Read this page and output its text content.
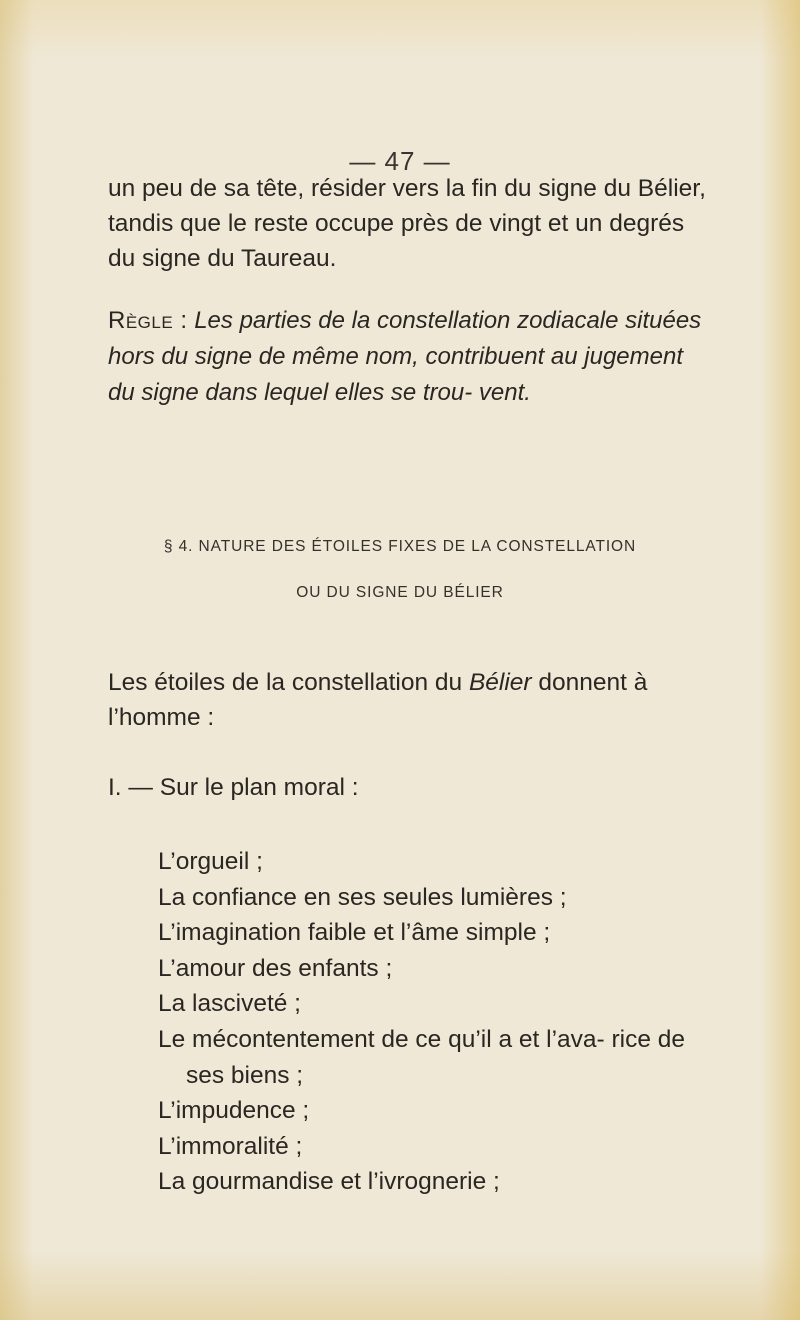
— 47 —
un peu de sa tête, résider vers la fin du signe du Bélier, tandis que le reste occupe près de vingt et un degrés du signe du Taureau.
Règle : Les parties de la constellation zodiacale situées hors du signe de même nom, contribuent au jugement du signe dans lequel elles se trou- vent.
§ 4. NATURE DES ÉTOILES FIXES DE LA CONSTELLATION
OU DU SIGNE DU BÉLIER
Les étoiles de la constellation du Bélier donnent à l’homme :
I. — Sur le plan moral :
L’orgueil ;
La confiance en ses seules lumières ;
L’imagination faible et l’âme simple ;
L’amour des enfants ;
La lasciveté ;
Le mécontentement de ce qu’il a et l’ava- rice de ses biens ;
L’impudence ;
L’immoralité ;
La gourmandise et l’ivrognerie ;
